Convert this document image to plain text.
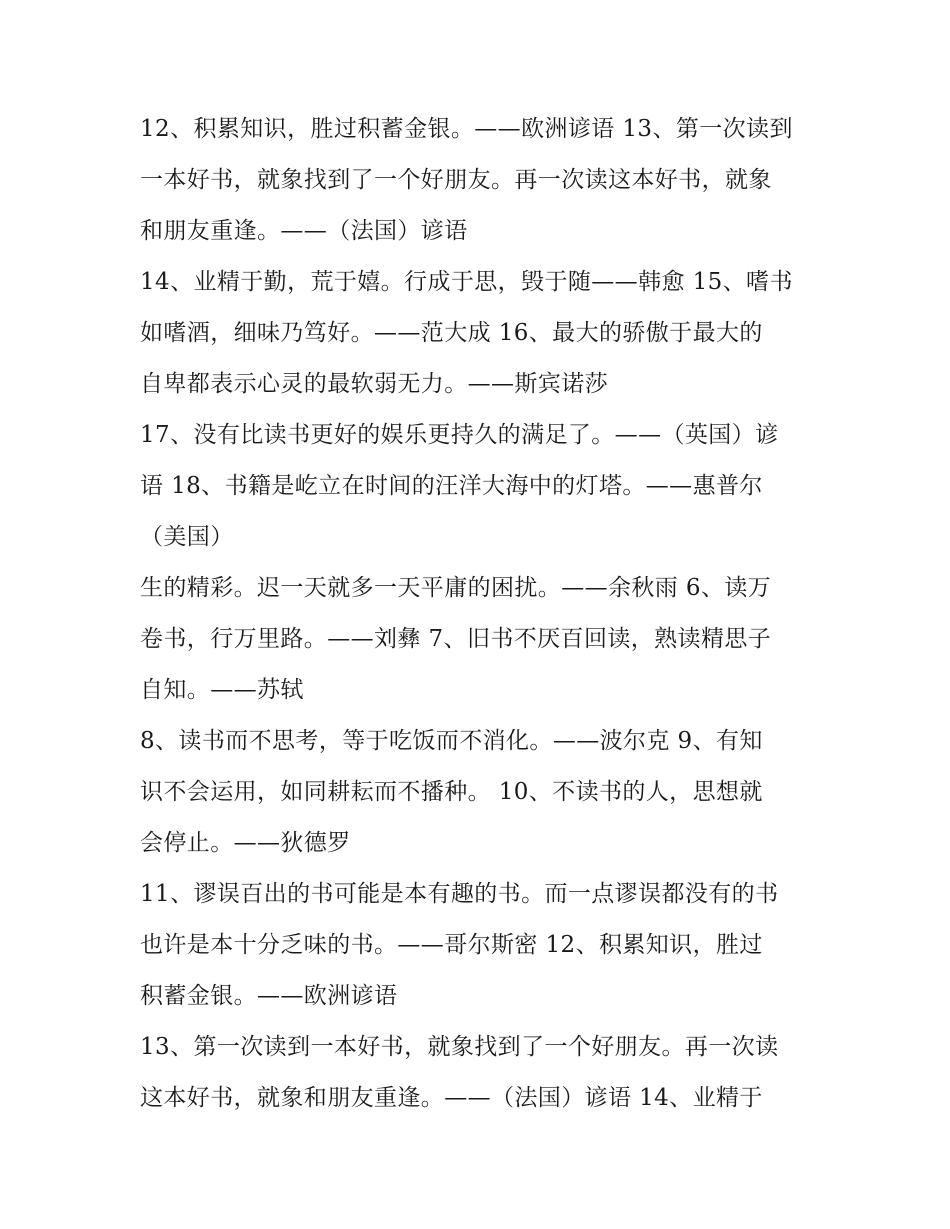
12、积累知识，胜过积蓄金银。——欧洲谚语 13、第一次读到
一本好书，就象找到了一个好朋友。再一次读这本好书，就象
和朋友重逢。——（法国）谚语
14、业精于勤，荒于嬉。行成于思，毁于随——韩愈 15、嗜书
如嗜酒，细味乃笃好。——范大成 16、最大的骄傲于最大的
自卑都表示心灵的最软弱无力。——斯宾诺莎
17、没有比读书更好的娱乐更持久的满足了。——（英国）谚
语 18、书籍是屹立在时间的汪洋大海中的灯塔。——惠普尔
（美国）
生的精彩。迟一天就多一天平庸的困扰。——余秋雨 6、读万
卷书，行万里路。——刘彝 7、旧书不厌百回读，熟读精思子
自知。——苏轼
8、读书而不思考，等于吃饭而不消化。——波尔克 9、有知
识不会运用，如同耕耘而不播种。 10、不读书的人，思想就
会停止。——狄德罗
11、谬误百出的书可能是本有趣的书。而一点谬误都没有的书
也许是本十分乏味的书。——哥尔斯密 12、积累知识，胜过
积蓄金银。——欧洲谚语
13、第一次读到一本好书，就象找到了一个好朋友。再一次读
这本好书，就象和朋友重逢。——（法国）谚语 14、业精于
